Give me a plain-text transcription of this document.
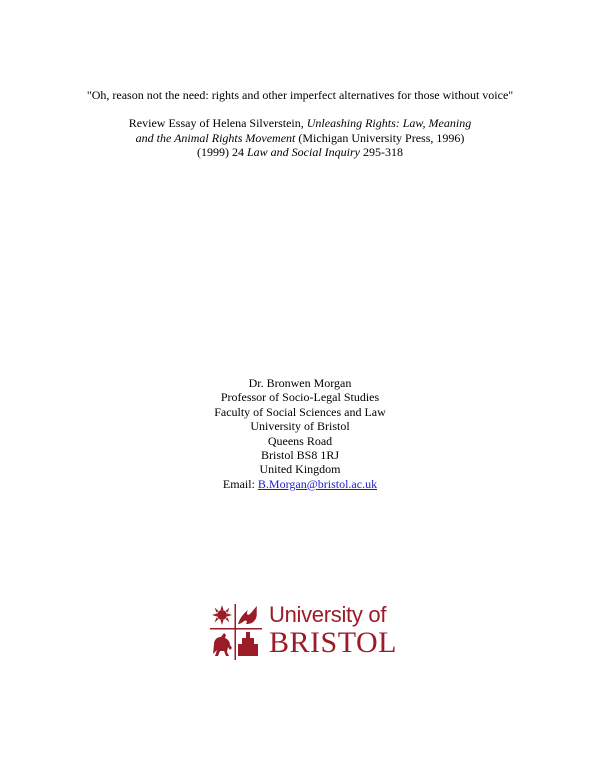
"Oh, reason not the need: rights and other imperfect alternatives for those without voice"
Review Essay of Helena Silverstein, Unleashing Rights: Law, Meaning
and the Animal Rights Movement (Michigan University Press, 1996)
(1999) 24 Law and Social Inquiry 295-318
Dr. Bronwen Morgan
Professor of Socio-Legal Studies
Faculty of Social Sciences and Law
University of Bristol
Queens Road
Bristol BS8 1RJ
United Kingdom
Email: B.Morgan@bristol.ac.uk
University of
BRISTOL
